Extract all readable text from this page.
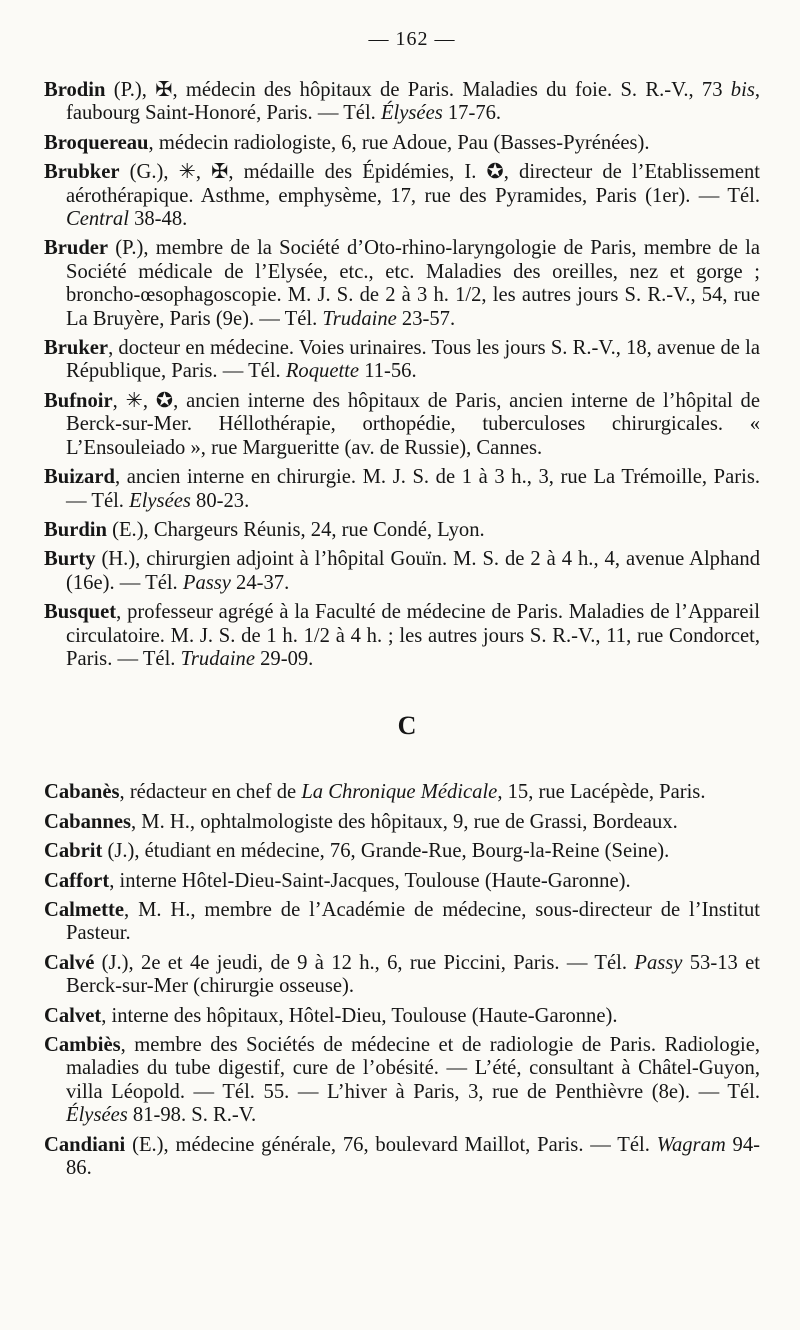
— 162 —

Brodin (P.), ✠, médecin des hôpitaux de Paris. Maladies du foie. S. R.-V., 73 bis, faubourg Saint-Honoré, Paris. — Tél. Élysées 17-76.

Broquereau, médecin radiologiste, 6, rue Adoue, Pau (Basses-Pyrénées).

Brubker (G.), ✳, ✠, médaille des Épidémies, I. ✪, directeur de l’Etablissement aérothérapique. Asthme, emphysème, 17, rue des Pyramides, Paris (1er). — Tél. Central 38-48.

Bruder (P.), membre de la Société d’Oto-rhino-laryngologie de Paris, membre de la Société médicale de l’Elysée, etc., etc. Maladies des oreilles, nez et gorge ; broncho-œsophagoscopie. M. J. S. de 2 à 3 h. 1/2, les autres jours S. R.-V., 54, rue La Bruyère, Paris (9e). — Tél. Trudaine 23-57.

Bruker, docteur en médecine. Voies urinaires. Tous les jours S. R.-V., 18, avenue de la République, Paris. — Tél. Roquette 11-56.

Bufnoir, ✳, ✪, ancien interne des hôpitaux de Paris, ancien interne de l’hôpital de Berck-sur-Mer. Héllothérapie, orthopédie, tuberculoses chirurgicales. « L’Ensouleiado », rue Margueritte (av. de Russie), Cannes.

Buizard, ancien interne en chirurgie. M. J. S. de 1 à 3 h., 3, rue La Trémoille, Paris. — Tél. Elysées 80-23.

Burdin (E.), Chargeurs Réunis, 24, rue Condé, Lyon.

Burty (H.), chirurgien adjoint à l’hôpital Gouïn. M. S. de 2 à 4 h., 4, avenue Alphand (16e). — Tél. Passy 24-37.

Busquet, professeur agrégé à la Faculté de médecine de Paris. Maladies de l’Appareil circulatoire. M. J. S. de 1 h. 1/2 à 4 h. ; les autres jours S. R.-V., 11, rue Condorcet, Paris. — Tél. Trudaine 29-09.

C

Cabanès, rédacteur en chef de La Chronique Médicale, 15, rue Lacépède, Paris.

Cabannes, M. H., ophtalmologiste des hôpitaux, 9, rue de Grassi, Bordeaux.

Cabrit (J.), étudiant en médecine, 76, Grande-Rue, Bourg-la-Reine (Seine).

Caffort, interne Hôtel-Dieu-Saint-Jacques, Toulouse (Haute-Garonne).

Calmette, M. H., membre de l’Académie de médecine, sous-directeur de l’Institut Pasteur.

Calvé (J.), 2e et 4e jeudi, de 9 à 12 h., 6, rue Piccini, Paris. — Tél. Passy 53-13 et Berck-sur-Mer (chirurgie osseuse).

Calvet, interne des hôpitaux, Hôtel-Dieu, Toulouse (Haute-Garonne).

Cambiès, membre des Sociétés de médecine et de radiologie de Paris. Radiologie, maladies du tube digestif, cure de l’obésité. — L’été, consultant à Châtel-Guyon, villa Léopold. — Tél. 55. — L’hiver à Paris, 3, rue de Penthièvre (8e). — Tél. Élysées 81-98. S. R.-V.

Candiani (E.), médecine générale, 76, boulevard Maillot, Paris. — Tél. Wagram 94-86.
